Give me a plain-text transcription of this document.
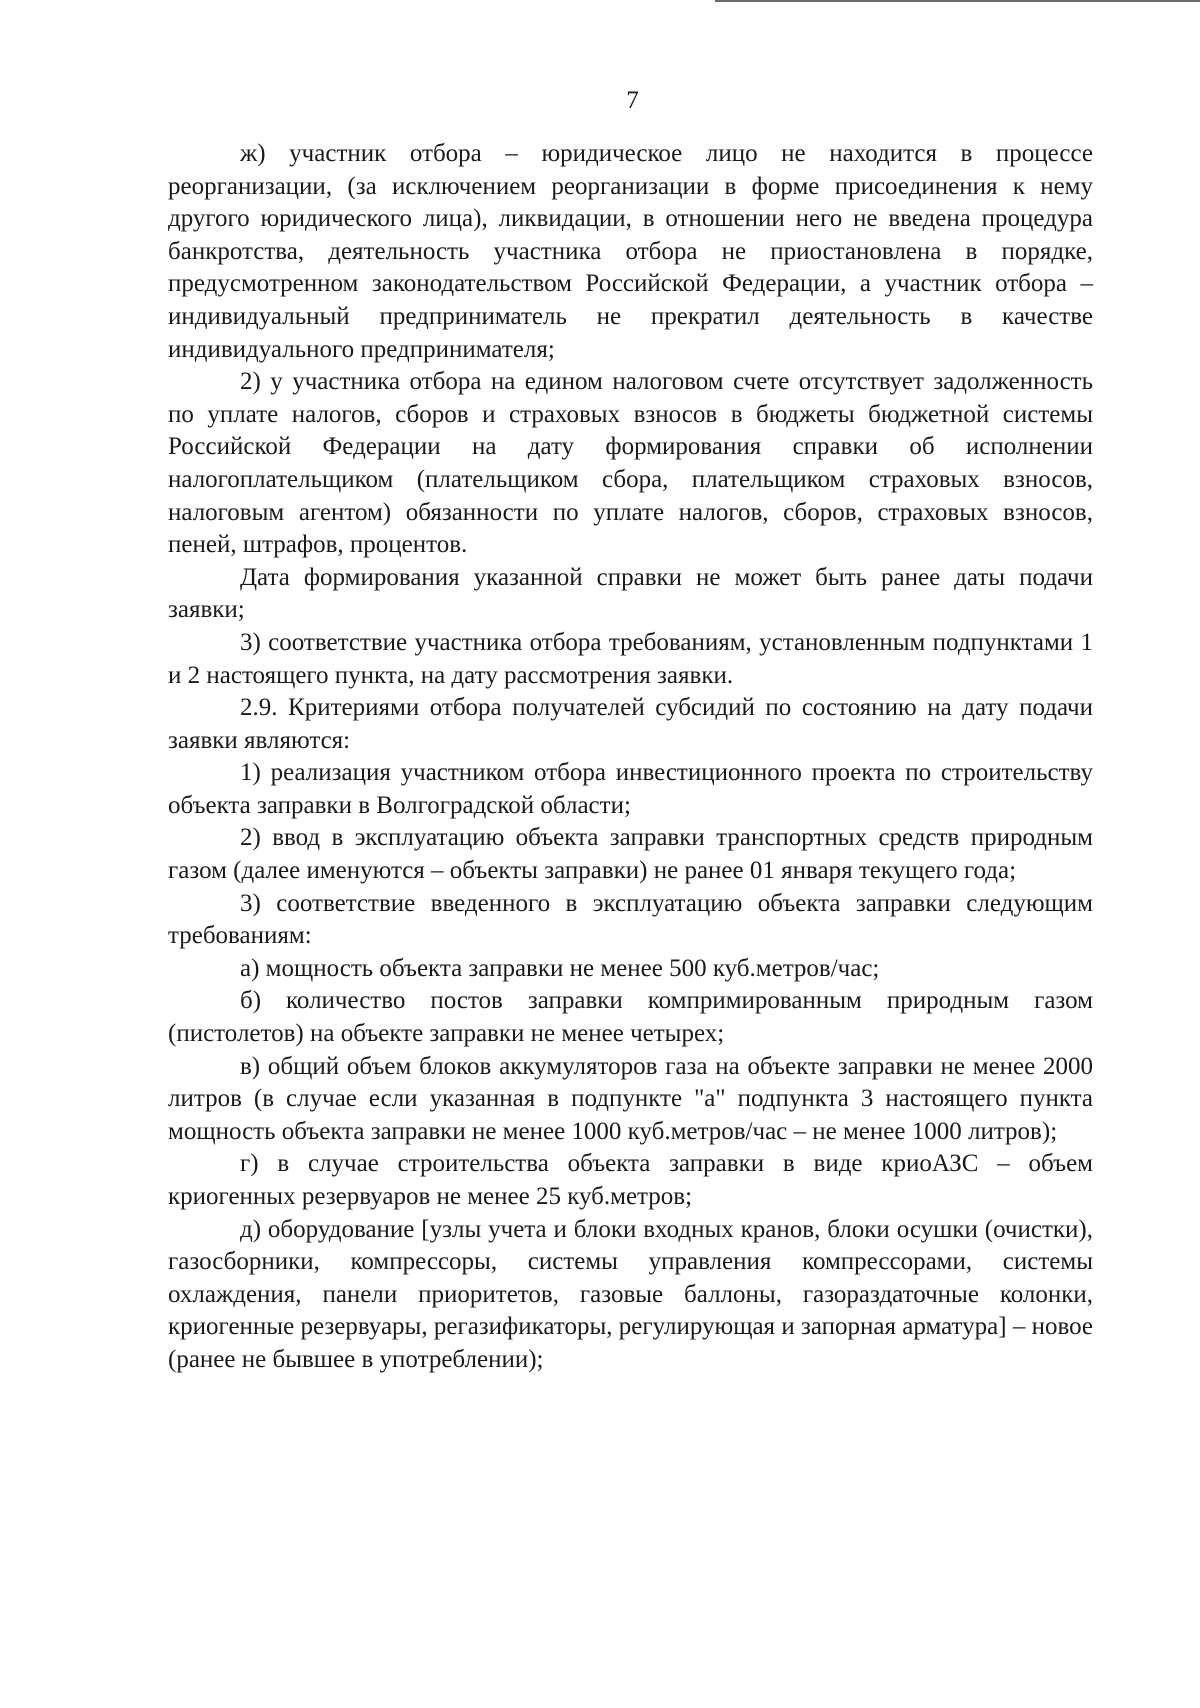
7

ж) участник отбора – юридическое лицо не находится в процессе реорганизации, (за исключением реорганизации в форме присоединения к нему другого юридического лица), ликвидации, в отношении него не введена процедура банкротства, деятельность участника отбора не приостановлена в порядке, предусмотренном законодательством Российской Федерации, а участник отбора – индивидуальный предприниматель не прекратил деятельность в качестве индивидуального предпринимателя;

2) у участника отбора на едином налоговом счете отсутствует задолженность по уплате налогов, сборов и страховых взносов в бюджеты бюджетной системы Российской Федерации на дату формирования справки об исполнении налогоплательщиком (плательщиком сбора, плательщиком страховых взносов, налоговым агентом) обязанности по уплате налогов, сборов, страховых взносов, пеней, штрафов, процентов.

Дата формирования указанной справки не может быть ранее даты подачи заявки;

3) соответствие участника отбора требованиям, установленным подпунктами 1 и 2 настоящего пункта, на дату рассмотрения заявки.

2.9. Критериями отбора получателей субсидий по состоянию на дату подачи заявки являются:

1) реализация участником отбора инвестиционного проекта по строительству объекта заправки в Волгоградской области;

2) ввод в эксплуатацию объекта заправки транспортных средств природным газом (далее именуются – объекты заправки) не ранее 01 января текущего года;

3) соответствие введенного в эксплуатацию объекта заправки следующим требованиям:

а) мощность объекта заправки не менее 500 куб.метров/час;

б) количество постов заправки компримированным природным газом (пистолетов) на объекте заправки не менее четырех;

в) общий объем блоков аккумуляторов газа на объекте заправки не менее 2000 литров (в случае если указанная в подпункте "а" подпункта 3 настоящего пункта мощность объекта заправки не менее 1000 куб.метров/час – не менее 1000 литров);

г) в случае строительства объекта заправки в виде криоАЗС – объем криогенных резервуаров не менее 25 куб.метров;

д) оборудование [узлы учета и блоки входных кранов, блоки осушки (очистки), газосборники, компрессоры, системы управления компрессорами, системы охлаждения, панели приоритетов, газовые баллоны, газораздаточные колонки, криогенные резервуары, регазификаторы, регулирующая и запорная арматура] – новое (ранее не бывшее в употреблении);
